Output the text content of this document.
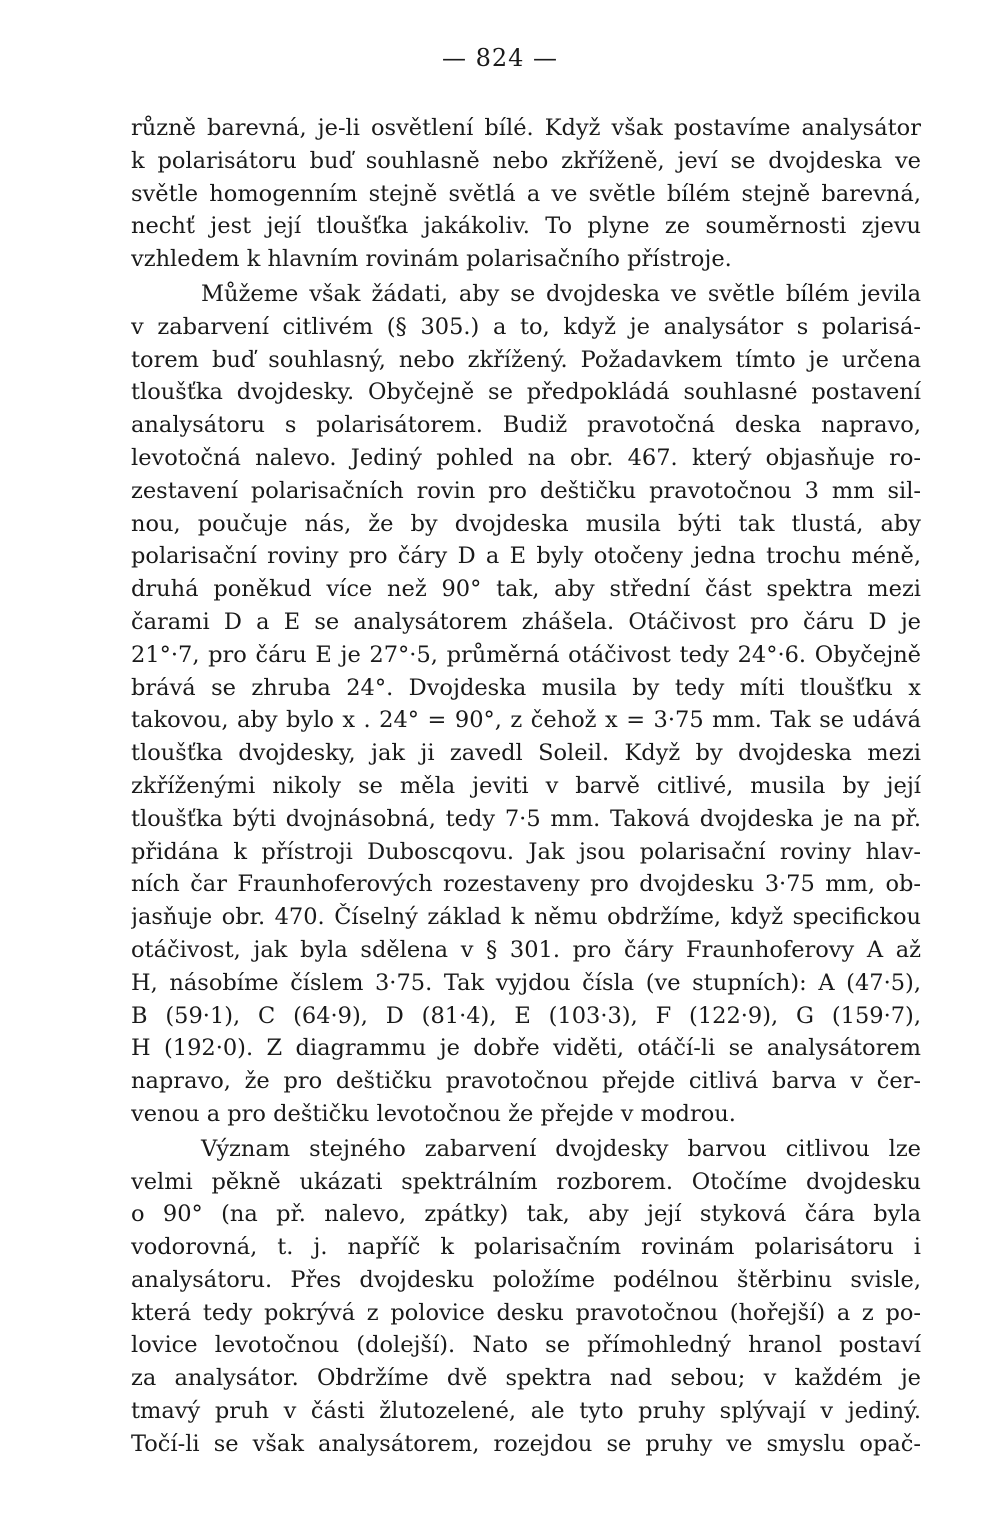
— 824 —
různě barevná, je-li osvětlení bílé. Když však postavíme analysátor
k polarisátoru buď souhlasně nebo zkříženě, jeví se dvojdeska ve
světle homogenním stejně světlá a ve světle bílém stejně barevná,
nechť jest její tloušťka jakákoliv. To plyne ze souměrnosti zjevu
vzhledem k hlavním rovinám polarisačního přístroje.
Můžeme však žádati, aby se dvojdeska ve světle bílém jevila
v zabarvení citlivém (§ 305.) a to, když je analysátor s polarisá-
torem buď souhlasný, nebo zkřížený. Požadavkem tímto je určena
tloušťka dvojdesky. Obyčejně se předpokládá souhlasné postavení
analysátoru s polarisátorem. Budiž pravotočná deska napravo,
levotočná nalevo. Jediný pohled na obr. 467. který objasňuje ro-
zestavení polarisačních rovin pro deštičku pravotočnou 3 mm sil-
nou, poučuje nás, že by dvojdeska musila býti tak tlustá, aby
polarisační roviny pro čáry D a E byly otočeny jedna trochu méně,
druhá poněkud více než 90° tak, aby střední část spektra mezi
čarami D a E se analysátorem zhášela. Otáčivost pro čáru D je
21°·7, pro čáru E je 27°·5, průměrná otáčivost tedy 24°·6. Obyčejně
brává se zhruba 24°. Dvojdeska musila by tedy míti tloušťku x
takovou, aby bylo x . 24° = 90°, z čehož x = 3·75 mm. Tak se udává
tloušťka dvojdesky, jak ji zavedl Soleil. Když by dvojdeska mezi
zkříženými nikoly se měla jeviti v barvě citlivé, musila by její
tloušťka býti dvojnásobná, tedy 7·5 mm. Taková dvojdeska je na př.
přidána k přístroji Duboscqovu. Jak jsou polarisační roviny hlav-
ních čar Fraunhoferových rozestaveny pro dvojdesku 3·75 mm, ob-
jasňuje obr. 470. Číselný základ k němu obdržíme, když specifickou
otáčivost, jak byla sdělena v § 301. pro čáry Fraunhoferovy A až
H, násobíme číslem 3·75. Tak vyjdou čísla (ve stupních): A (47·5),
B (59·1), C (64·9), D (81·4), E (103·3), F (122·9), G (159·7),
H (192·0). Z diagrammu je dobře viděti, otáčí-li se analysátorem
napravo, že pro deštičku pravotočnou přejde citlivá barva v čer-
venou a pro deštičku levotočnou že přejde v modrou.
Význam stejného zabarvení dvojdesky barvou citlivou lze
velmi pěkně ukázati spektrálním rozborem. Otočíme dvojdesku
o 90° (na př. nalevo, zpátky) tak, aby její styková čára byla
vodorovná, t. j. napříč k polarisačním rovinám polarisátoru i
analysátoru. Přes dvojdesku položíme podélnou štěrbinu svisle,
která tedy pokrývá z polovice desku pravotočnou (hořejší) a z po-
lovice levotočnou (dolejší). Nato se přímohledný hranol postaví
za analysátor. Obdržíme dvě spektra nad sebou; v každém je
tmavý pruh v části žlutozelené, ale tyto pruhy splývají v jediný.
Točí-li se však analysátorem, rozejdou se pruhy ve smyslu opač-
